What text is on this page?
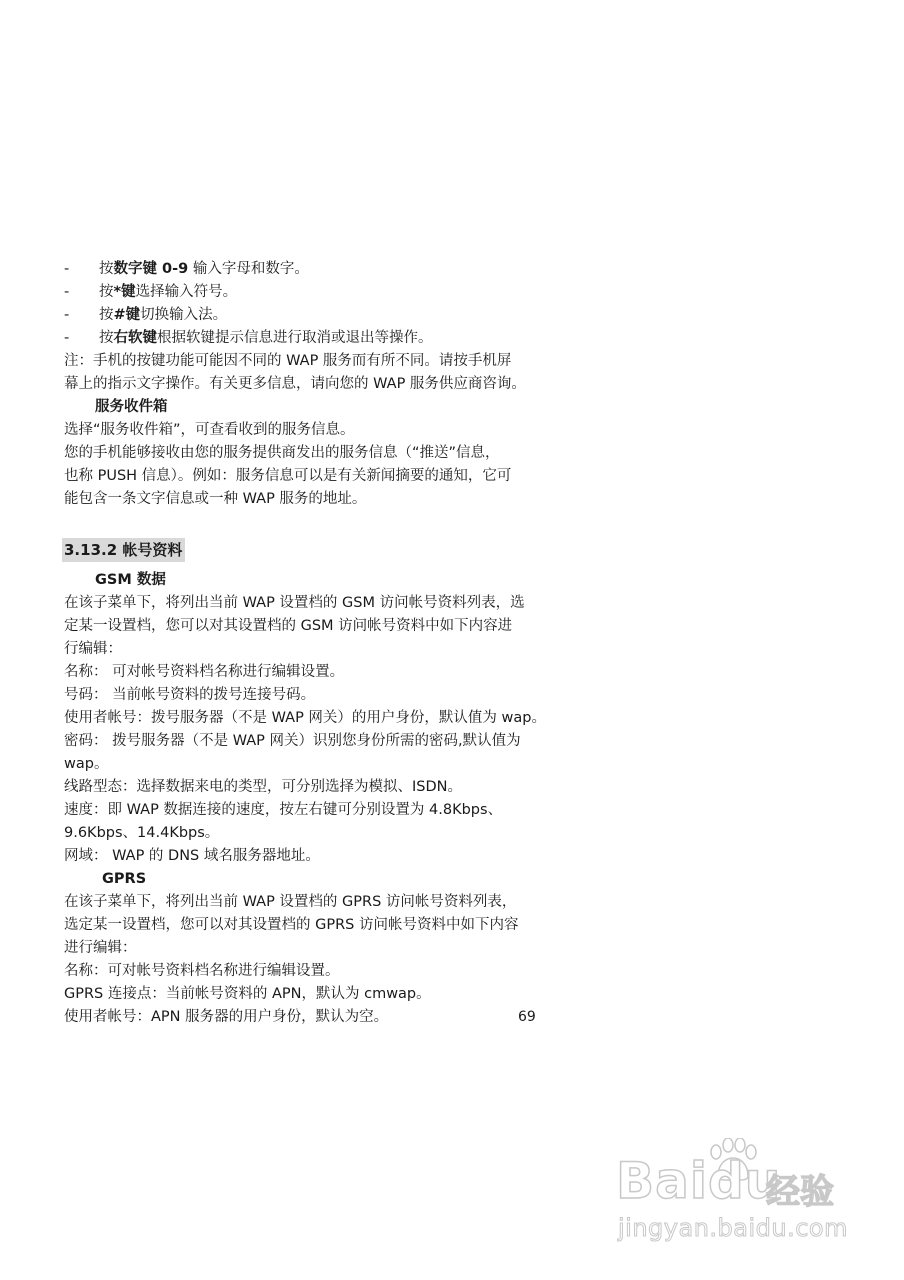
- 按数字键 0-9 输入字母和数字。
- 按*键选择输入符号。
- 按#键切换输入法。
- 按右软键根据软键提示信息进行取消或退出等操作。
注：手机的按键功能可能因不同的 WAP 服务而有所不同。请按手机屏
幕上的指示文字操作。有关更多信息，请向您的 WAP 服务供应商咨询。
服务收件箱
选择“服务收件箱”，可查看收到的服务信息。
您的手机能够接收由您的服务提供商发出的服务信息（“推送”信息，
也称 PUSH 信息）。例如：服务信息可以是有关新闻摘要的通知，它可
能包含一条文字信息或一种 WAP 服务的地址。
3.13.2 帐号资料
GSM 数据
在该子菜单下，将列出当前 WAP 设置档的 GSM 访问帐号资料列表，选
定某一设置档，您可以对其设置档的 GSM 访问帐号资料中如下内容进
行编辑：
名称： 可对帐号资料档名称进行编辑设置。
号码： 当前帐号资料的拨号连接号码。
使用者帐号：拨号服务器（不是 WAP 网关）的用户身份，默认值为 wap。
密码： 拨号服务器（不是 WAP 网关）识别您身份所需的密码,默认值为
wap。
线路型态：选择数据来电的类型，可分别选择为模拟、ISDN。
速度：即 WAP 数据连接的速度，按左右键可分别设置为 4.8Kbps、
9.6Kbps、14.4Kbps。
网域： WAP 的 DNS 域名服务器地址。
GPRS
在该子菜单下，将列出当前 WAP 设置档的 GPRS 访问帐号资料列表，
选定某一设置档，您可以对其设置档的 GPRS 访问帐号资料中如下内容
进行编辑：
名称：可对帐号资料档名称进行编辑设置。
GPRS 连接点：当前帐号资料的 APN，默认为 cmwap。
使用者帐号：APN 服务器的用户身份，默认为空。	69
Baidu
经验
jingyan.baidu.com
